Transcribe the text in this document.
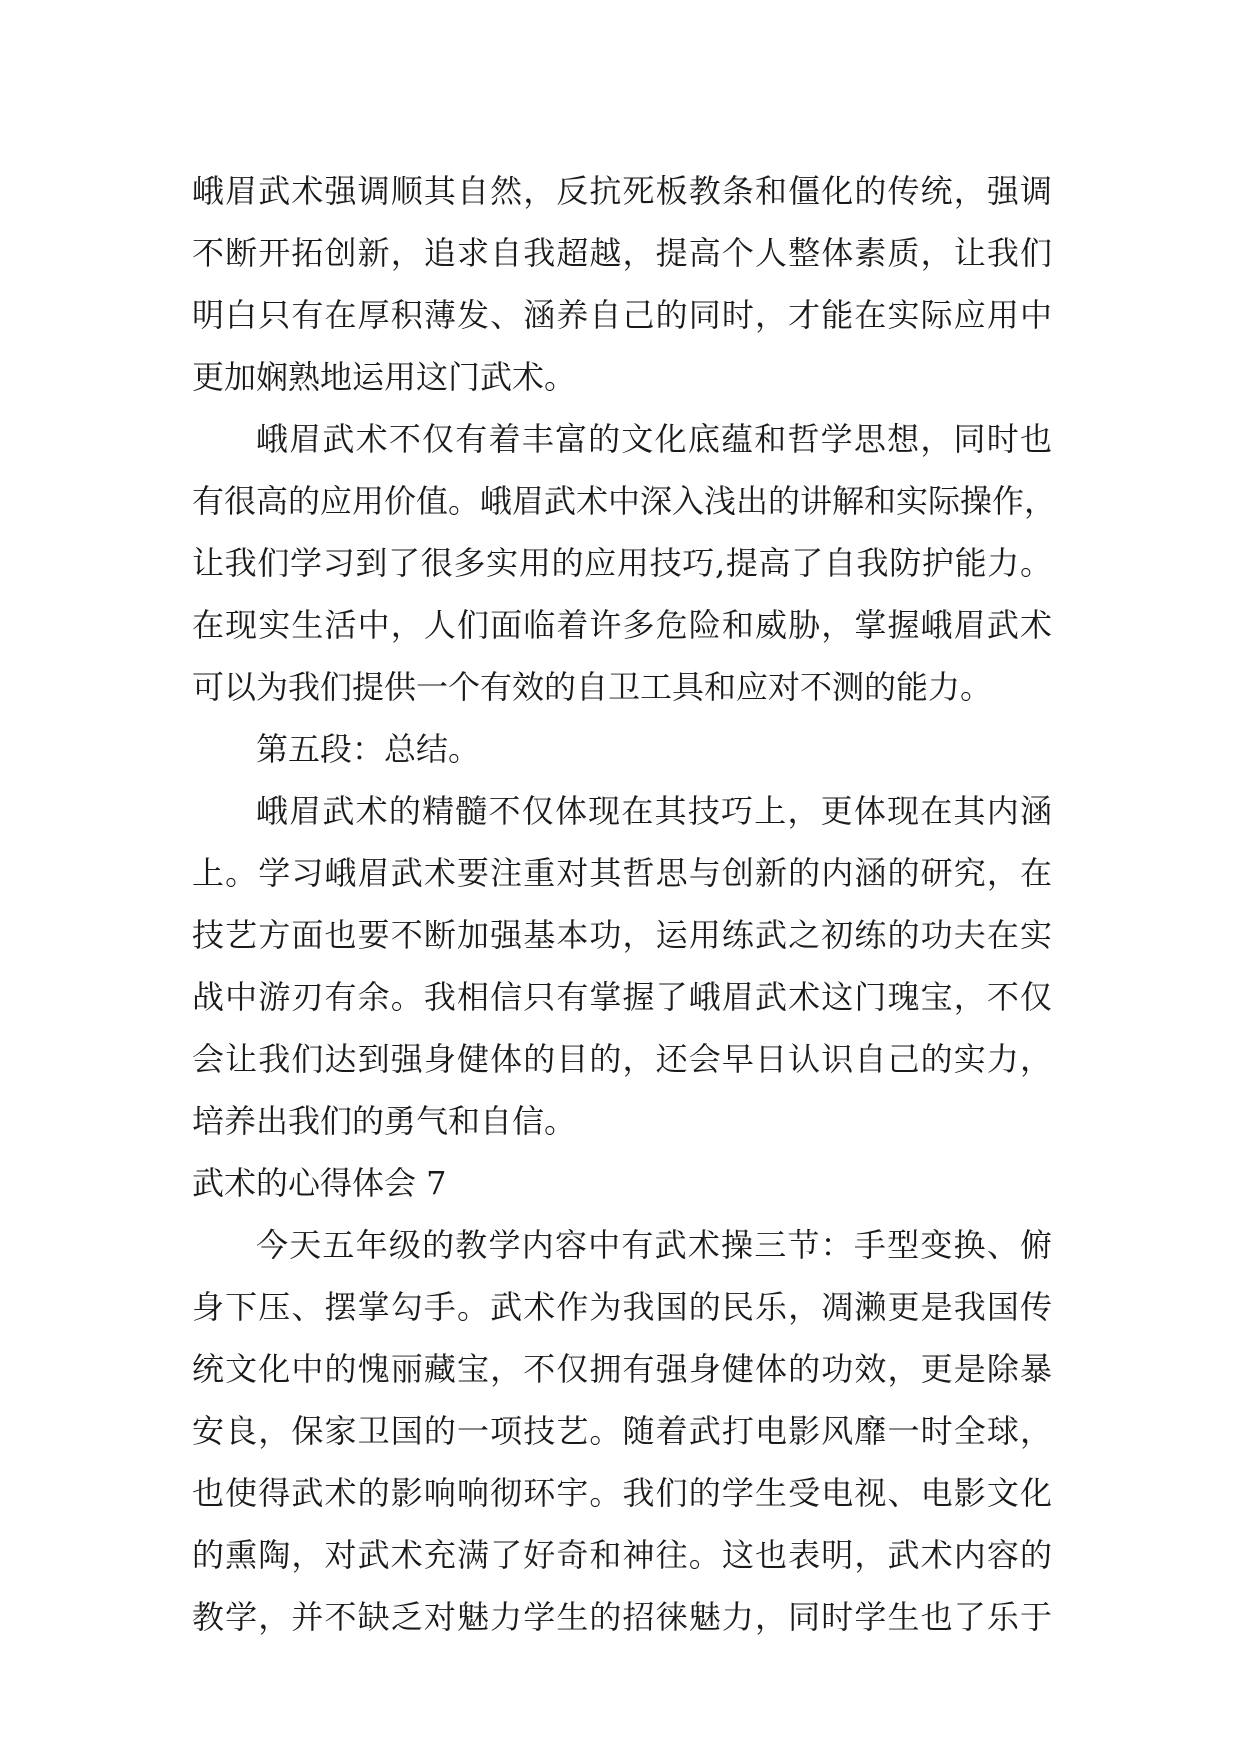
峨眉武术强调顺其自然，反抗死板教条和僵化的传统，强调
不断开拓创新，追求自我超越，提高个人整体素质，让我们
明白只有在厚积薄发、涵养自己的同时，才能在实际应用中
更加娴熟地运用这门武术。
峨眉武术不仅有着丰富的文化底蕴和哲学思想，同时也
有很高的应用价值。峨眉武术中深入浅出的讲解和实际操作，
让我们学习到了很多实用的应用技巧,提高了自我防护能力。
在现实生活中，人们面临着许多危险和威胁，掌握峨眉武术
可以为我们提供一个有效的自卫工具和应对不测的能力。
第五段：总结。
峨眉武术的精髓不仅体现在其技巧上，更体现在其内涵
上。学习峨眉武术要注重对其哲思与创新的内涵的研究，在
技艺方面也要不断加强基本功，运用练武之初练的功夫在实
战中游刃有余。我相信只有掌握了峨眉武术这门瑰宝，不仅
会让我们达到强身健体的目的，还会早日认识自己的实力，
培养出我们的勇气和自信。
武术的心得体会 7
今天五年级的教学内容中有武术操三节：手型变换、俯
身下压、摆掌勾手。武术作为我国的民乐，凋濑更是我国传
统文化中的愧丽藏宝，不仅拥有强身健体的功效，更是除暴
安良，保家卫国的一项技艺。随着武打电影风靡一时全球，
也使得武术的影响响彻环宇。我们的学生受电视、电影文化
的熏陶，对武术充满了好奇和神往。这也表明，武术内容的
教学，并不缺乏对魅力学生的招徕魅力，同时学生也了乐于
